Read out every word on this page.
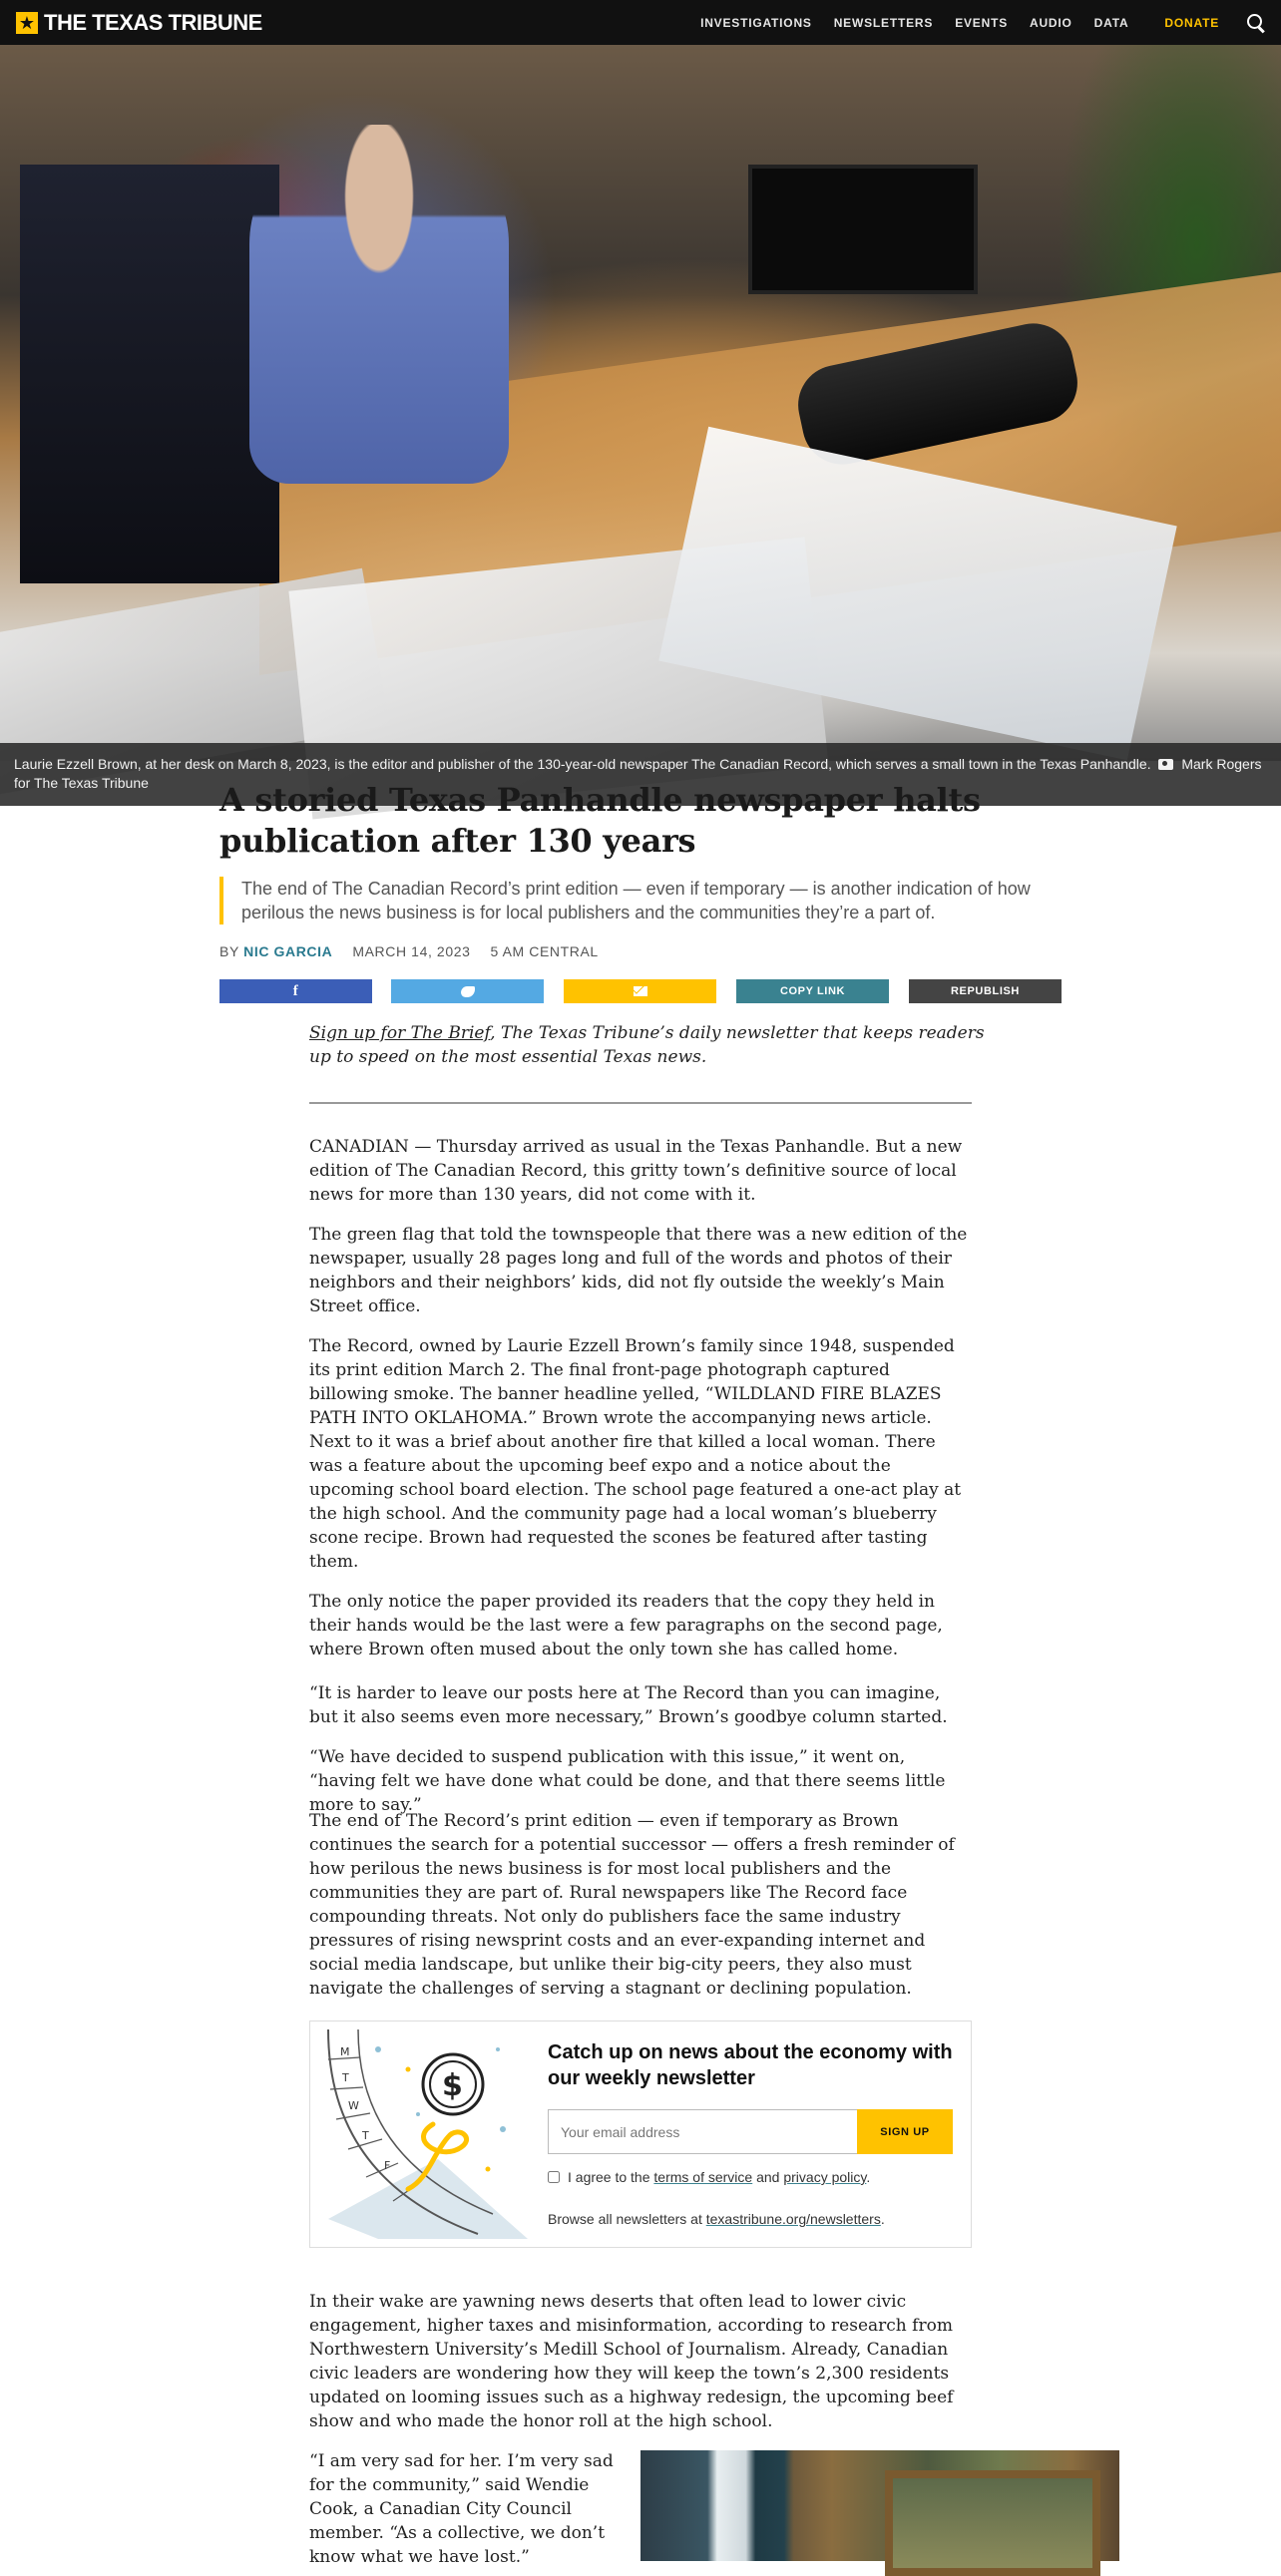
★ THE TEXAS TRIBUNE	INVESTIGATIONS NEWSLETTERS EVENTS AUDIO DATA	DONATE
Laurie Ezzell Brown, at her desk on March 8, 2023, is the editor and publisher of the 130-year-old newspaper The Canadian Record, which serves a small town in the Texas Panhandle. Mark Rogers for The Texas Tribune	A storied Texas Panhandle newspaper halts publication after 130 years

The end of The Canadian Record’s print edition — even if temporary — is another indication of how perilous the news business is for local publishers and the communities they’re a part of.

BY NIC GARCIA MARCH 14, 2023 5 AM CENTRAL
f	COPY LINK	REPUBLISH

Sign up for The Brief, The Texas Tribune’s daily newsletter that keeps readers up to speed on the most essential Texas news.

CANADIAN — Thursday arrived as usual in the Texas Panhandle. But a new edition of The Canadian Record, this gritty town’s definitive source of local news for more than 130 years, did not come with it.

The green flag that told the townspeople that there was a new edition of the newspaper, usually 28 pages long and full of the words and photos of their neighbors and their neighbors’ kids, did not fly outside the weekly’s Main Street office.

The Record, owned by Laurie Ezzell Brown’s family since 1948, suspended its print edition March 2. The final front-page photograph captured billowing smoke. The banner headline yelled, “WILDLAND FIRE BLAZES PATH INTO OKLAHOMA.” Brown wrote the accompanying news article. Next to it was a brief about another fire that killed a local woman. There was a feature about the upcoming beef expo and a notice about the upcoming school board election. The school page featured a one-act play at the high school. And the community page had a local woman’s blueberry scone recipe. Brown had requested the scones be featured after tasting them.

The only notice the paper provided its readers that the copy they held in their hands would be the last were a few paragraphs on the second page, where Brown often mused about the only town she has called home.

“It is harder to leave our posts here at The Record than you can imagine, but it also seems even more necessary,” Brown’s goodbye column started.

“We have decided to suspend publication with this issue,” it went on, “having felt we have done what could be done, and that there seems little more to say.”

The end of The Record’s print edition — even if temporary as Brown continues the search for a potential successor — offers a fresh reminder of how perilous the news business is for most local publishers and the communities they are part of. Rural newspapers like The Record face compounding threats. Not only do publishers face the same industry pressures of rising newsprint costs and an ever-expanding internet and social media landscape, but unlike their big-city peers, they also must navigate the challenges of serving a stagnant or declining population.

M
T
W
T
F
$
Catch up on news about the economy with our weekly newsletter
Your email address
SIGN UP
I agree to the terms of service and privacy policy.

Browse all newsletters at texastribune.org/newsletters.

In their wake are yawning news deserts that often lead to lower civic engagement, higher taxes and misinformation, according to research from Northwestern University’s Medill School of Journalism. Already, Canadian civic leaders are wondering how they will keep the town’s 2,300 residents updated on looming issues such as a highway redesign, the upcoming beef show and who made the honor roll at the high school.

“I am very sad for her. I’m very sad for the community,” said Wendie Cook, a Canadian City Council member. “As a collective, we don’t know what we have lost.”
